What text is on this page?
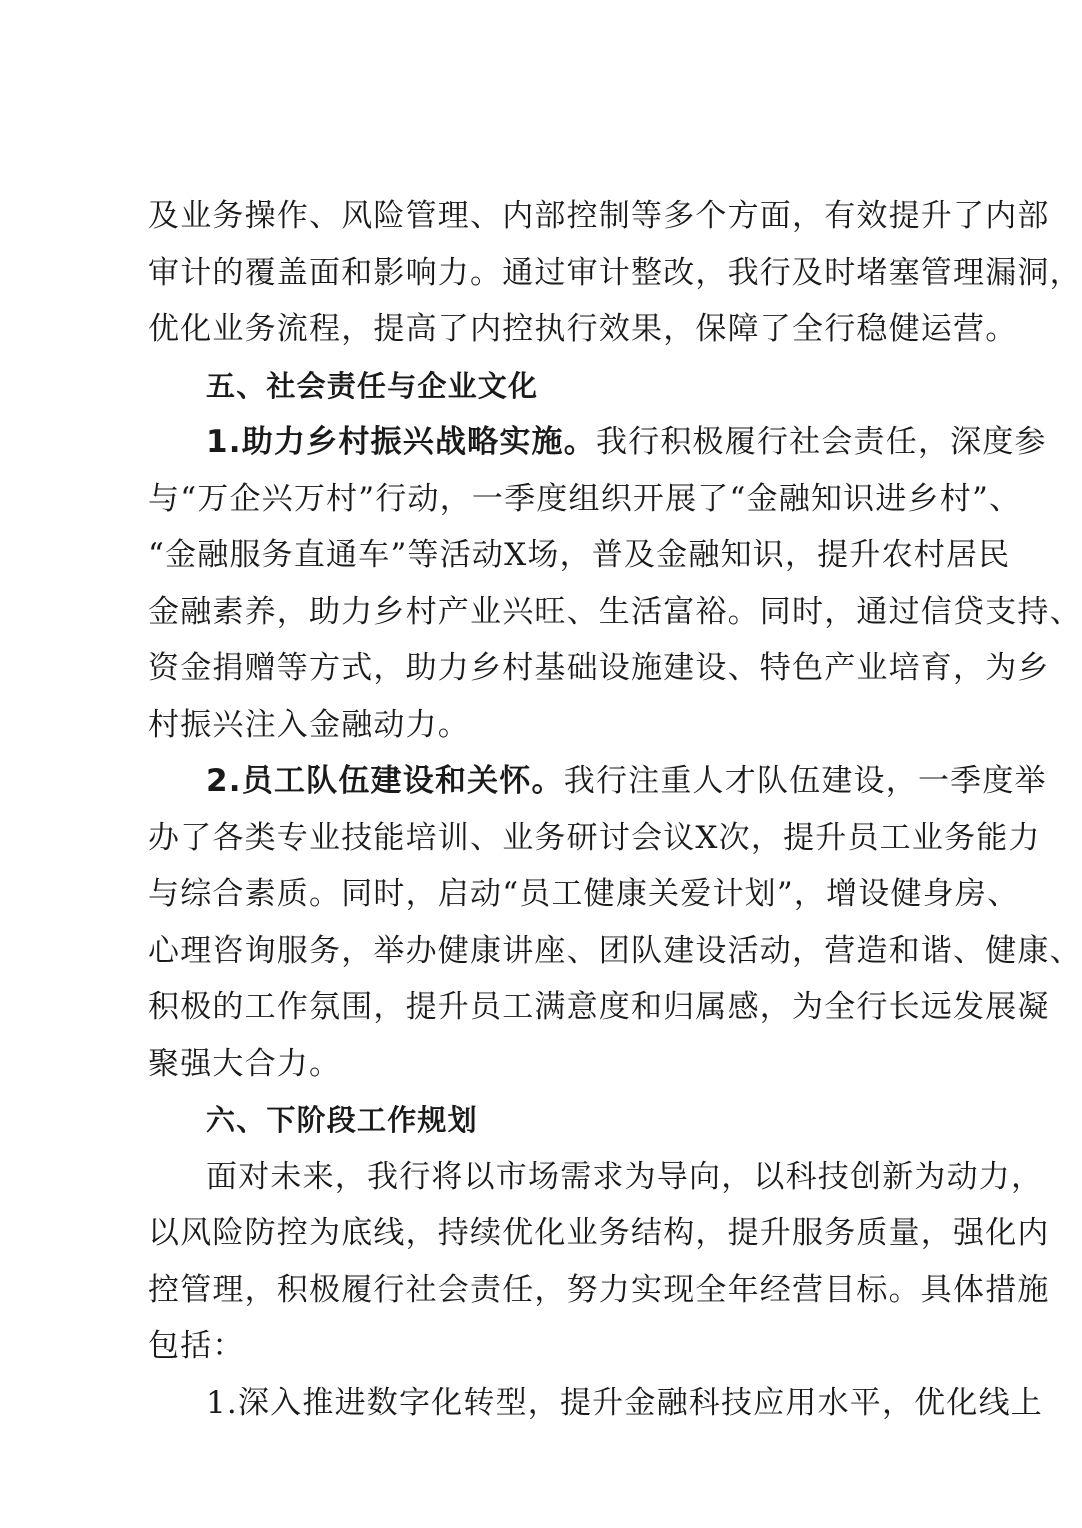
及业务操作、风险管理、内部控制等多个方面，有效提升了内部
审计的覆盖面和影响力。通过审计整改，我行及时堵塞管理漏洞，
优化业务流程，提高了内控执行效果，保障了全行稳健运营。
五、社会责任与企业文化
1.助力乡村振兴战略实施。我行积极履行社会责任，深度参
与“万企兴万村”行动，一季度组织开展了“金融知识进乡村”、
“金融服务直通车”等活动X场，普及金融知识，提升农村居民
金融素养，助力乡村产业兴旺、生活富裕。同时，通过信贷支持、
资金捐赠等方式，助力乡村基础设施建设、特色产业培育，为乡
村振兴注入金融动力。
2.员工队伍建设和关怀。我行注重人才队伍建设，一季度举
办了各类专业技能培训、业务研讨会议X次，提升员工业务能力
与综合素质。同时，启动“员工健康关爱计划”，增设健身房、
心理咨询服务，举办健康讲座、团队建设活动，营造和谐、健康、
积极的工作氛围，提升员工满意度和归属感，为全行长远发展凝
聚强大合力。
六、下阶段工作规划
面对未来，我行将以市场需求为导向，以科技创新为动力，
以风险防控为底线，持续优化业务结构，提升服务质量，强化内
控管理，积极履行社会责任，努力实现全年经营目标。具体措施
包括：
1.深入推进数字化转型，提升金融科技应用水平，优化线上
